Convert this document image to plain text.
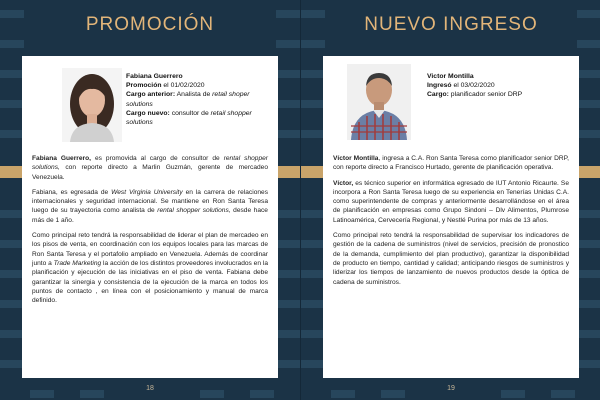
PROMOCIÓN
Fabiana Guerrero
Promoción el 01/02/2020
Cargo anterior: Analista de retail shoper solutions
Cargo nuevo: consultor de retail shopper solutions

Fabiana Guerrero, es promovida al cargo de consultor de rental shopper solutions, con reporte directo a Marlin Guzmán, gerente de mercadeo Venezuela.

Fabiana, es egresada de West Virginia University en la carrera de relaciones internacionales y seguridad internacional. Se mantiene en Ron Santa Teresa luego de su trayectoria como analista de rental shopper solutions, desde hace más de 1 año.

Como principal reto tendrá la responsabilidad de liderar el plan de mercadeo en los pisos de venta, en coordinación con los equipos locales para las marcas de Ron Santa Teresa y el portafolio ampliado en Venezuela. Además de coordinar junto a Trade Marketing la acción de los distintos proveedores involucrados en la planificación y ejecución de las iniciativas en el piso de venta. Fabiana debe garantizar la sinergia y consistencia de la ejecución de la marca en todos los puntos de contacto , en línea con el posicionamiento y manual de marca definido.

18
NUEVO INGRESO
Victor Montilla
Ingresó el 03/02/2020
Cargo: planificador senior DRP

Víctor Montilla, ingresa a C.A. Ron Santa Teresa como planificador senior DRP, con reporte directo a Francisco Hurtado, gerente de planificación operativa.

Víctor, es técnico superior en informática egresado de IUT Antonio Ricaurte. Se incorpora a Ron Santa Teresa luego de su experiencia en Tenerías Unidas C.A. como superintendente de compras y anteriormente desarrollándose en el área de planificación en empresas como Grupo Sindoni – Dlv Alimentos, Plumrose Latinoamérica, Cervecería Regional, y Nestlé Purina por más de 13 años.

Como principal reto tendrá la responsabilidad de supervisar los indicadores de gestión de la cadena de suministros (nivel de servicios, precisión de pronostico de la demanda, cumplimiento del plan productivo), garantizar la disponibilidad de producto en tiempo, cantidad y calidad; anticipando riesgos de suministros y liderizar los tiempos de lanzamiento de nuevos productos desde la óptica de cadena de suministros.

19
